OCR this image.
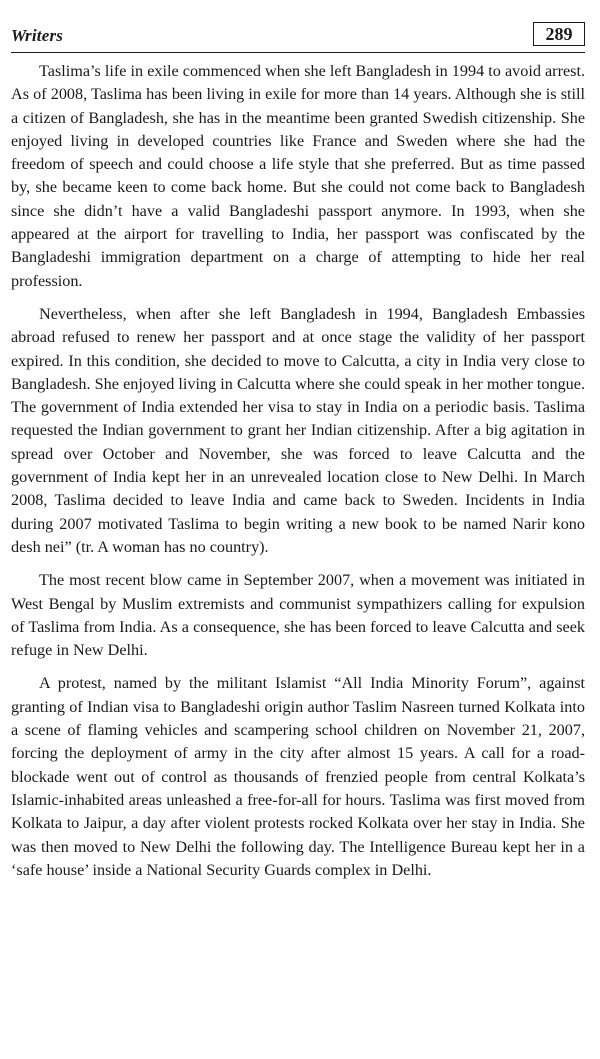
Writers	289

Taslima’s life in exile commenced when she left Bangladesh in 1994 to avoid arrest. As of 2008, Taslima has been living in exile for more than 14 years. Although she is still a citizen of Bangladesh, she has in the meantime been granted Swedish citizenship. She enjoyed living in developed countries like France and Sweden where she had the freedom of speech and could choose a life style that she preferred. But as time passed by, she became keen to come back home. But she could not come back to Bangladesh since she didn’t have a valid Bangladeshi passport anymore. In 1993, when she appeared at the airport for travelling to India, her passport was confiscated by the Bangladeshi immigration department on a charge of attempting to hide her real profession.

Nevertheless, when after she left Bangladesh in 1994, Bangladesh Embassies abroad refused to renew her passport and at once stage the validity of her passport expired. In this condition, she decided to move to Calcutta, a city in India very close to Bangladesh. She enjoyed living in Calcutta where she could speak in her mother tongue. The government of India extended her visa to stay in India on a periodic basis. Taslima requested the Indian government to grant her Indian citizenship. After a big agitation in spread over October and November, she was forced to leave Calcutta and the government of India kept her in an unrevealed location close to New Delhi. In March 2008, Taslima decided to leave India and came back to Sweden. Incidents in India during 2007 motivated Taslima to begin writing a new book to be named Narir kono desh nei” (tr. A woman has no country).

The most recent blow came in September 2007, when a movement was initiated in West Bengal by Muslim extremists and communist sympathizers calling for expulsion of Taslima from India. As a consequence, she has been forced to leave Calcutta and seek refuge in New Delhi.

A protest, named by the militant Islamist “All India Minority Forum”, against granting of Indian visa to Bangladeshi origin author Taslim Nasreen turned Kolkata into a scene of flaming vehicles and scampering school children on November 21, 2007, forcing the deployment of army in the city after almost 15 years. A call for a road-blockade went out of control as thousands of frenzied people from central Kolkata’s Islamic-inhabited areas unleashed a free-for-all for hours. Taslima was first moved from Kolkata to Jaipur, a day after violent protests rocked Kolkata over her stay in India. She was then moved to New Delhi the following day. The Intelligence Bureau kept her in a ‘safe house’ inside a National Security Guards complex in Delhi.
